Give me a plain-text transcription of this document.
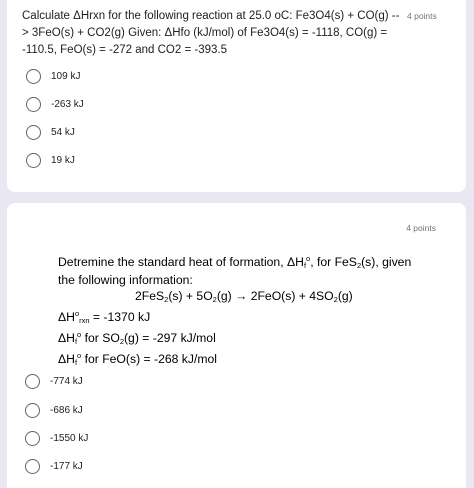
Calculate ΔHrxn for the following reaction at 25.0 oC: Fe3O4(s) + CO(g) --
> 3FeO(s) + CO2(g) Given: ΔHfo (kJ/mol) of Fe3O4(s) = -1118, CO(g) =
-110.5, FeO(s) = -272 and CO2 = -393.5
4 points
109 kJ
-263 kJ
54 kJ
19 kJ
4 points
Detremine the standard heat of formation, $\Delta H_f^o$, for FeS$_2$(s), given
the following information:
$2FeS_2(s) + 5O_2(g) \to 2FeO(s) + 4SO_2(g)$
$\Delta H^o_{rxn} = -1370$ kJ
$\Delta H_f^o$ for $SO_2(g) = -297$ kJ/mol
$\Delta H_f^o$ for FeO(s) = -268 kJ/mol
-774 kJ
-686 kJ
-1550 kJ
-177 kJ
